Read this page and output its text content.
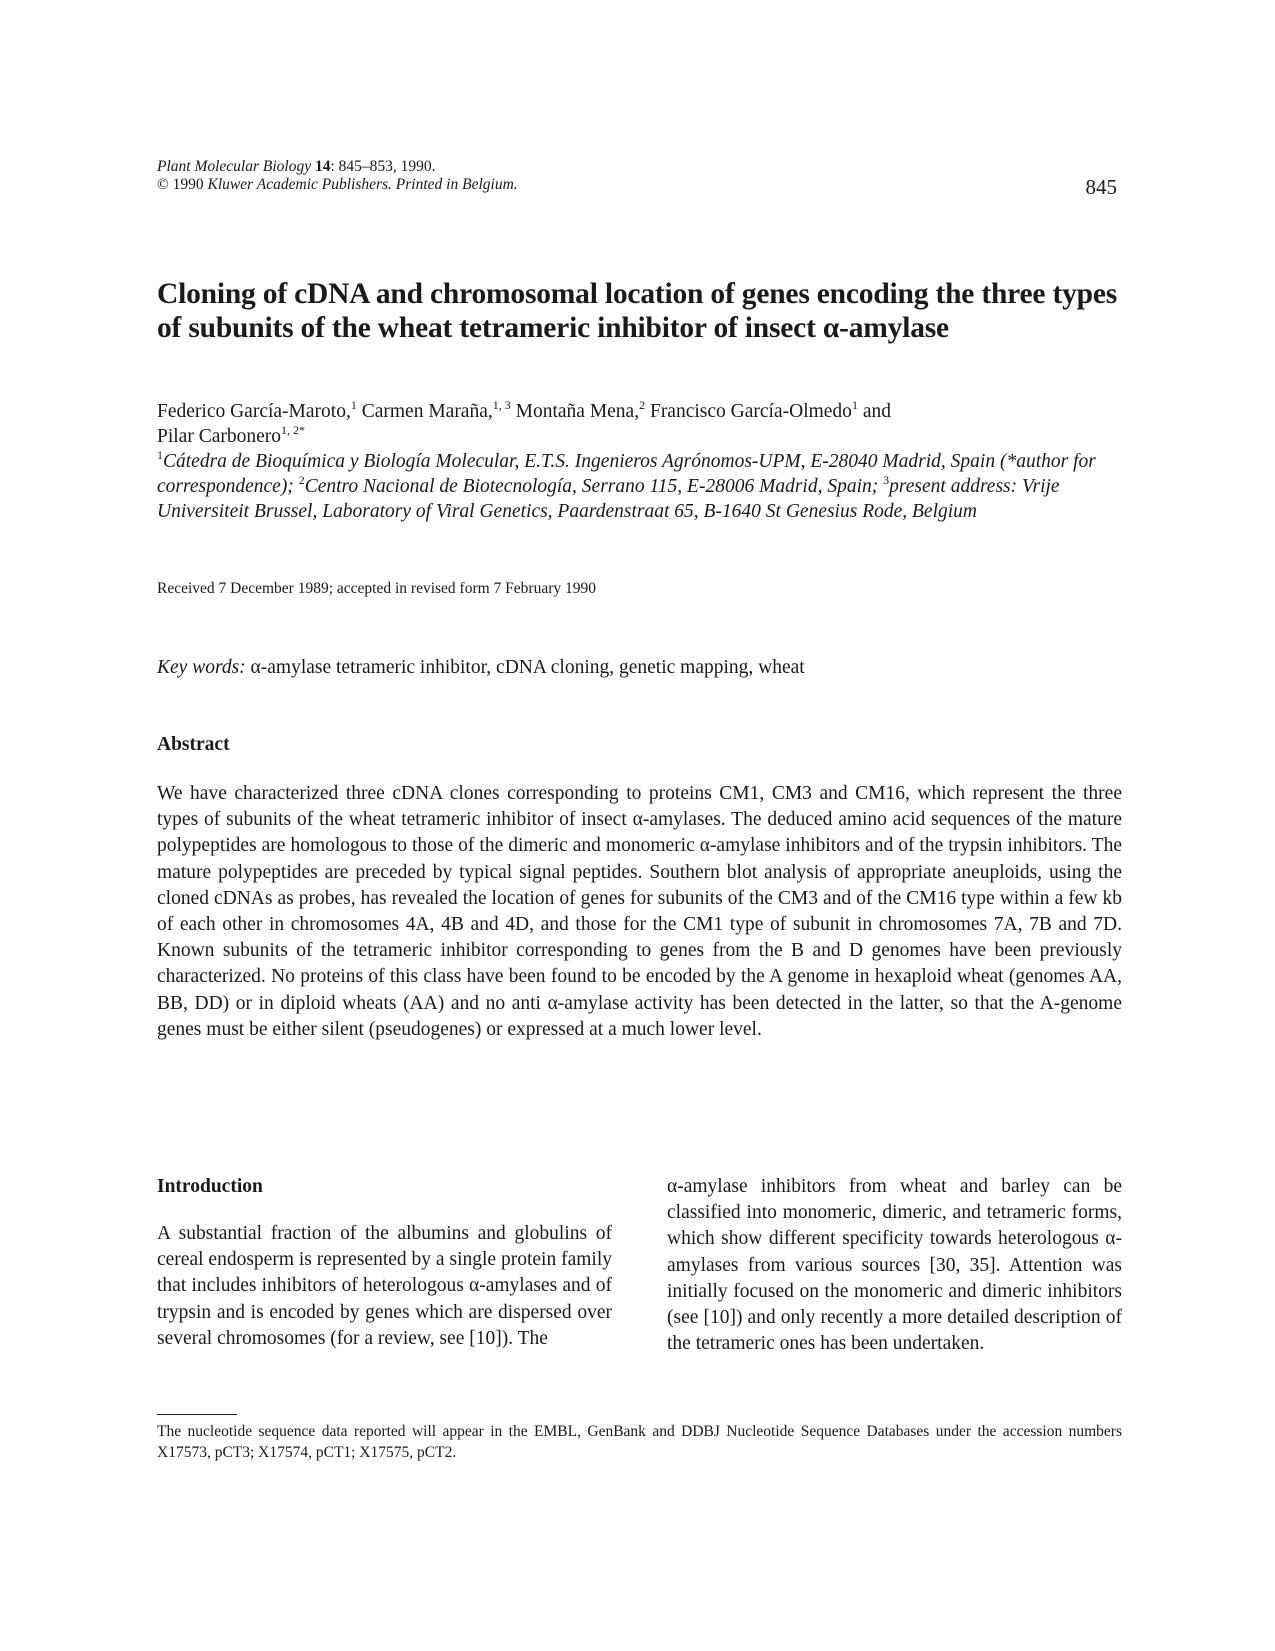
Plant Molecular Biology 14: 845–853, 1990.
© 1990 Kluwer Academic Publishers. Printed in Belgium.	845
Cloning of cDNA and chromosomal location of genes encoding the three types of subunits of the wheat tetrameric inhibitor of insect α-amylase
Federico García-Maroto,$^1$ Carmen Maraña,$^{1, 3}$ Montaña Mena,$^2$ Francisco García-Olmedo$^1$ and
Pilar Carbonero$^{1, 2*}$
$^1$Cátedra de Bioquímica y Biología Molecular, E.T.S. Ingenieros Agrónomos-UPM, E-28040 Madrid, Spain (*author for correspondence); $^2$Centro Nacional de Biotecnología, Serrano 115, E-28006 Madrid, Spain; $^3$present address: Vrije Universiteit Brussel, Laboratory of Viral Genetics, Paardenstraat 65, B-1640 St Genesius Rode, Belgium
Received 7 December 1989; accepted in revised form 7 February 1990
Key words: α-amylase tetrameric inhibitor, cDNA cloning, genetic mapping, wheat
Abstract

We have characterized three cDNA clones corresponding to proteins CM1, CM3 and CM16, which represent the three types of subunits of the wheat tetrameric inhibitor of insect α-amylases. The deduced amino acid sequences of the mature polypeptides are homologous to those of the dimeric and monomeric α-amylase inhibitors and of the trypsin inhibitors. The mature polypeptides are preceded by typical signal peptides. Southern blot analysis of appropriate aneuploids, using the cloned cDNAs as probes, has revealed the location of genes for subunits of the CM3 and of the CM16 type within a few kb of each other in chromosomes 4A, 4B and 4D, and those for the CM1 type of subunit in chromosomes 7A, 7B and 7D. Known subunits of the tetrameric inhibitor corresponding to genes from the B and D genomes have been previously characterized. No proteins of this class have been found to be encoded by the A genome in hexaploid wheat (genomes AA, BB, DD) or in diploid wheats (AA) and no anti α-amylase activity has been detected in the latter, so that the A-genome genes must be either silent (pseudogenes) or expressed at a much lower level.

Introduction

A substantial fraction of the albumins and globulins of cereal endosperm is represented by a single protein family that includes inhibitors of heterologous α-amylases and of trypsin and is encoded by genes which are dispersed over several chromosomes (for a review, see [10]). The

α-amylase inhibitors from wheat and barley can be classified into monomeric, dimeric, and tetrameric forms, which show different specificity towards heterologous α-amylases from various sources [30, 35]. Attention was initially focused on the monomeric and dimeric inhibitors (see [10]) and only recently a more detailed description of the tetrameric ones has been undertaken.

The nucleotide sequence data reported will appear in the EMBL, GenBank and DDBJ Nucleotide Sequence Databases under the accession numbers X17573, pCT3; X17574, pCT1; X17575, pCT2.
